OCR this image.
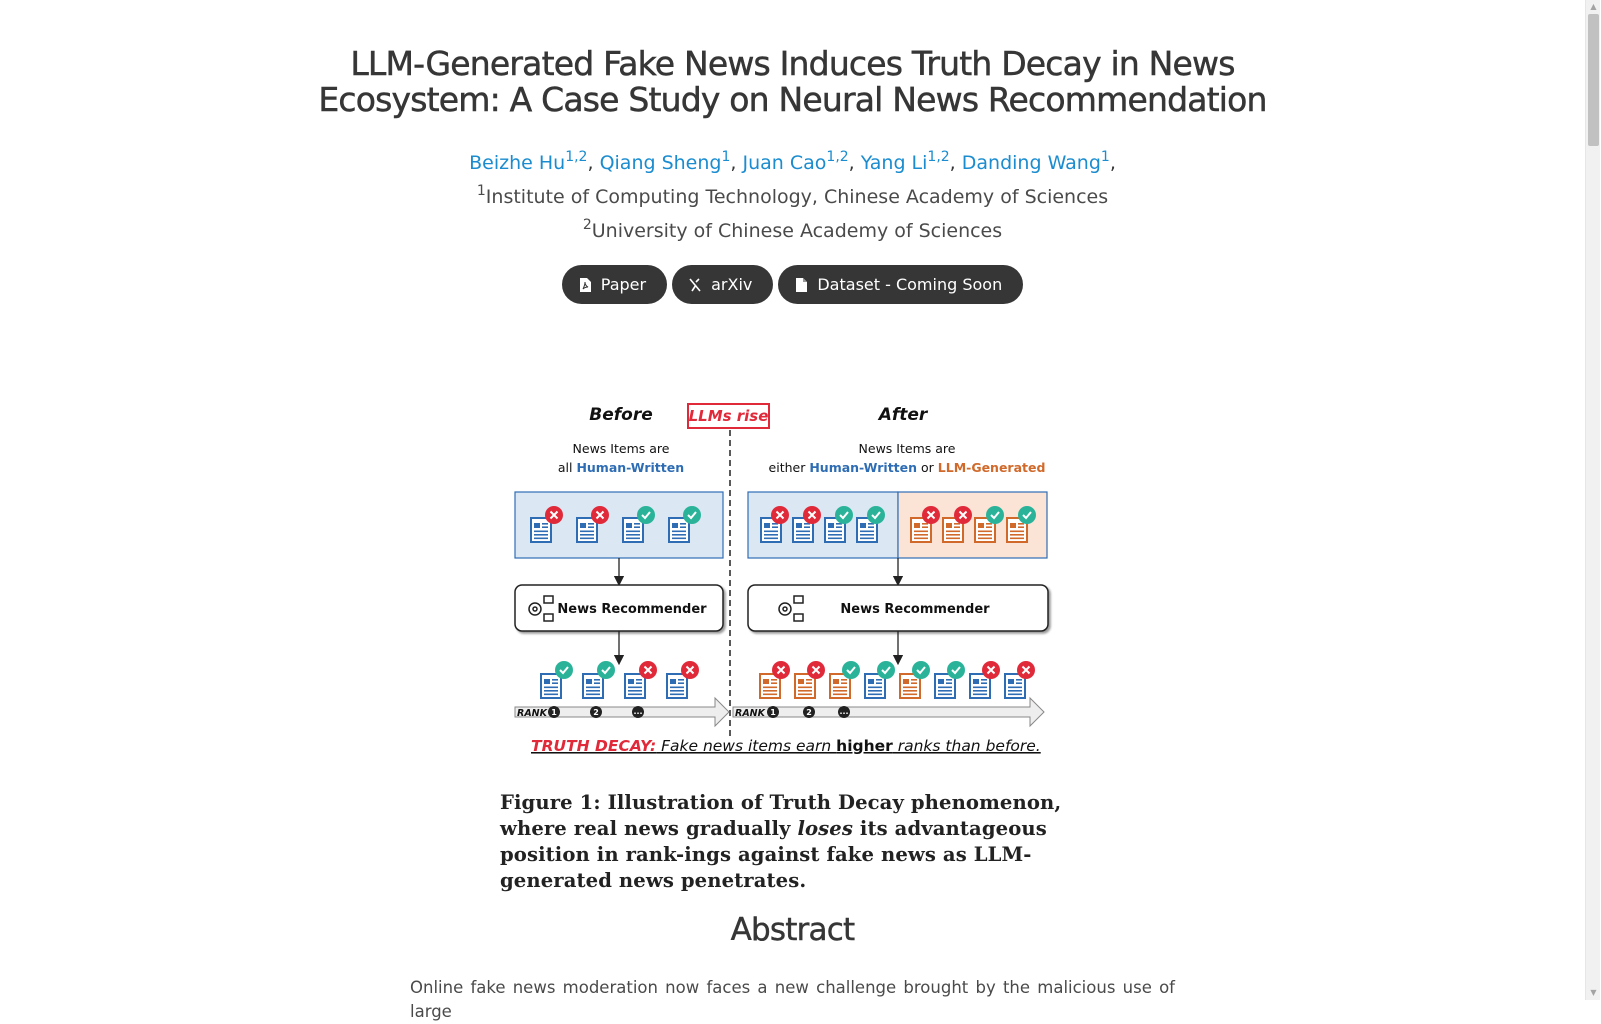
LLM-Generated Fake News Induces Truth Decay in News Ecosystem: A Case Study on Neural News Recommendation
Beizhe Hu$^{1,2}$, Qiang Sheng$^1$, Juan Cao$^{1,2}$, Yang Li$^{1,2}$, Danding Wang$^1$,
$^1$Institute of Computing Technology, Chinese Academy of Sciences
$^2$University of Chinese Academy of Sciences
Paper	arXiv	Dataset - Coming Soon
Before LLMs rise	After
News Items are
all Human-Written
News Items are
either Human-Written or LLM-Generated
News Recommender	News Recommender
RANK	RANK
1	2	...	1	2	...
TRUTH DECAY: Fake news items earn higher ranks than before.

Figure 1: Illustration of Truth Decay phenomenon, where real news gradually loses its advantageous position in rank-ings against fake news as LLM-generated news penetrates.

Abstract

Online fake news moderation now faces a new challenge brought by the malicious use of large

▲
▼
